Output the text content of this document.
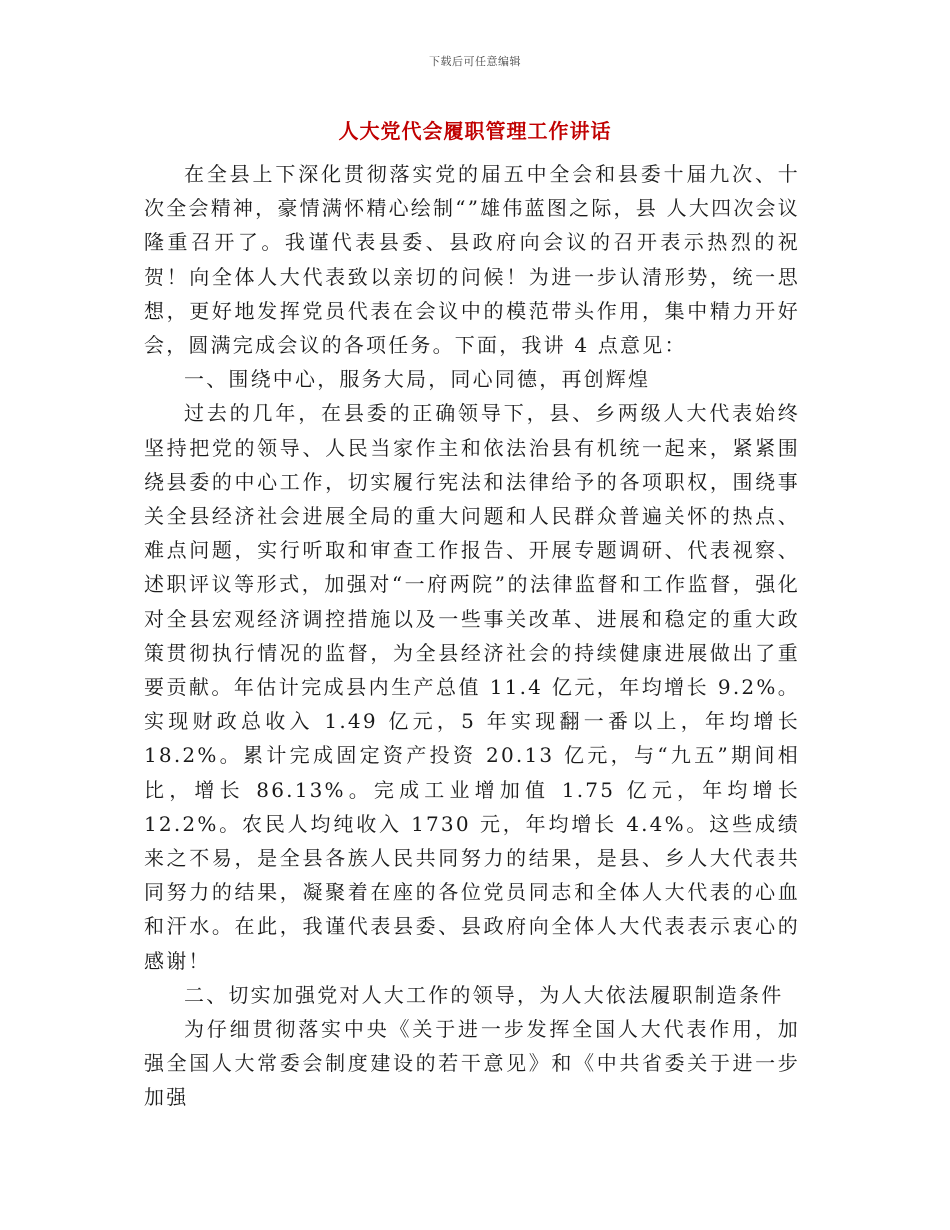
下载后可任意编辑
人大党代会履职管理工作讲话

在全县上下深化贯彻落实党的届五中全会和县委十届九次、十次全会精神，豪情满怀精心绘制“”雄伟蓝图之际，县 人大四次会议隆重召开了。我谨代表县委、县政府向会议的召开表示热烈的祝贺！向全体人大代表致以亲切的问候！为进一步认清形势，统一思想，更好地发挥党员代表在会议中的模范带头作用，集中精力开好会，圆满完成会议的各项任务。下面，我讲 4 点意见：

一、围绕中心，服务大局，同心同德，再创辉煌

过去的几年，在县委的正确领导下，县、乡两级人大代表始终坚持把党的领导、人民当家作主和依法治县有机统一起来，紧紧围绕县委的中心工作，切实履行宪法和法律给予的各项职权，围绕事关全县经济社会进展全局的重大问题和人民群众普遍关怀的热点、难点问题，实行听取和审查工作报告、开展专题调研、代表视察、述职评议等形式，加强对“一府两院”的法律监督和工作监督，强化对全县宏观经济调控措施以及一些事关改革、进展和稳定的重大政策贯彻执行情况的监督，为全县经济社会的持续健康进展做出了重要贡献。年估计完成县内生产总值 11.4 亿元，年均增长 9.2%。实现财政总收入 1.49 亿元，5 年实现翻一番以上，年均增长 18.2%。累计完成固定资产投资 20.13 亿元，与“九五”期间相比，增长 86.13%。完成工业增加值 1.75 亿元，年均增长 12.2%。农民人均纯收入 1730 元，年均增长 4.4%。这些成绩来之不易，是全县各族人民共同努力的结果，是县、乡人大代表共同努力的结果，凝聚着在座的各位党员同志和全体人大代表的心血和汗水。在此，我谨代表县委、县政府向全体人大代表表示衷心的感谢！

二、切实加强党对人大工作的领导，为人大依法履职制造条件

为仔细贯彻落实中央《关于进一步发挥全国人大代表作用，加强全国人大常委会制度建设的若干意见》和《中共省委关于进一步加强
